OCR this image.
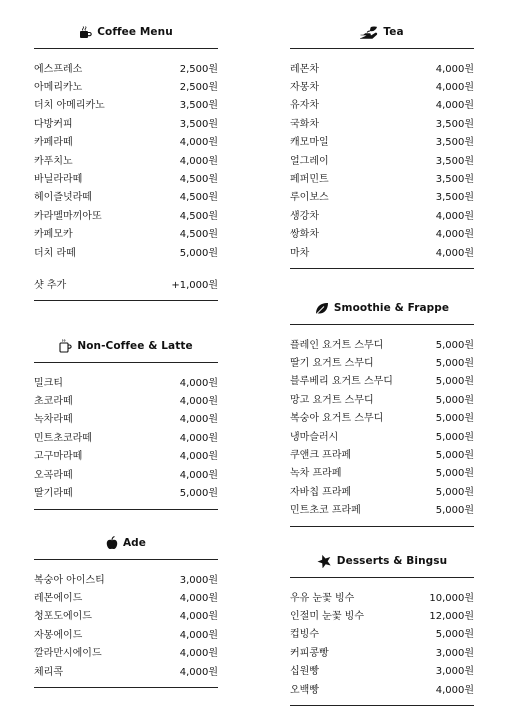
Coffee Menu
에스프레소	2,500원
아메리카노	2,500원
더치 아메리카노	3,500원
다방커피	3,500원
카페라떼	4,000원
카푸치노	4,000원
바닐라라떼	4,500원
헤이즐넛라떼	4,500원
카라멜마끼아또	4,500원
카페모카	4,500원
더치 라떼	5,000원
샷 추가	+1,000원
Non-Coffee & Latte
밀크티	4,000원
초코라떼	4,000원
녹차라떼	4,000원
민트초코라떼	4,000원
고구마라떼	4,000원
오곡라떼	4,000원
딸기라떼	5,000원
Ade
복숭아 아이스티	3,000원
레몬에이드	4,000원
청포도에이드	4,000원
자몽에이드	4,000원
깔라만시에이드	4,000원
체리콕	4,000원
Tea
레몬차	4,000원
자몽차	4,000원
유자차	4,000원
국화차	3,500원
캐모마일	3,500원
얼그레이	3,500원
페퍼민트	3,500원
루이보스	3,500원
생강차	4,000원
쌍화차	4,000원
마차	4,000원
Smoothie & Frappe
플레인 요거트 스무디	5,000원
딸기 요거트 스무디	5,000원
블루베리 요거트 스무디	5,000원
망고 요거트 스무디	5,000원
복숭아 요거트 스무디	5,000원
냉마슬러시	5,000원
쿠앤크 프라페	5,000원
녹차 프라페	5,000원
자바칩 프라페	5,000원
민트초코 프라페	5,000원
Desserts & Bingsu
우유 눈꽃 빙수	10,000원
인절미 눈꽃 빙수	12,000원
컵빙수	5,000원
커피콩빵	3,000원
십원빵	3,000원
오백빵	4,000원
